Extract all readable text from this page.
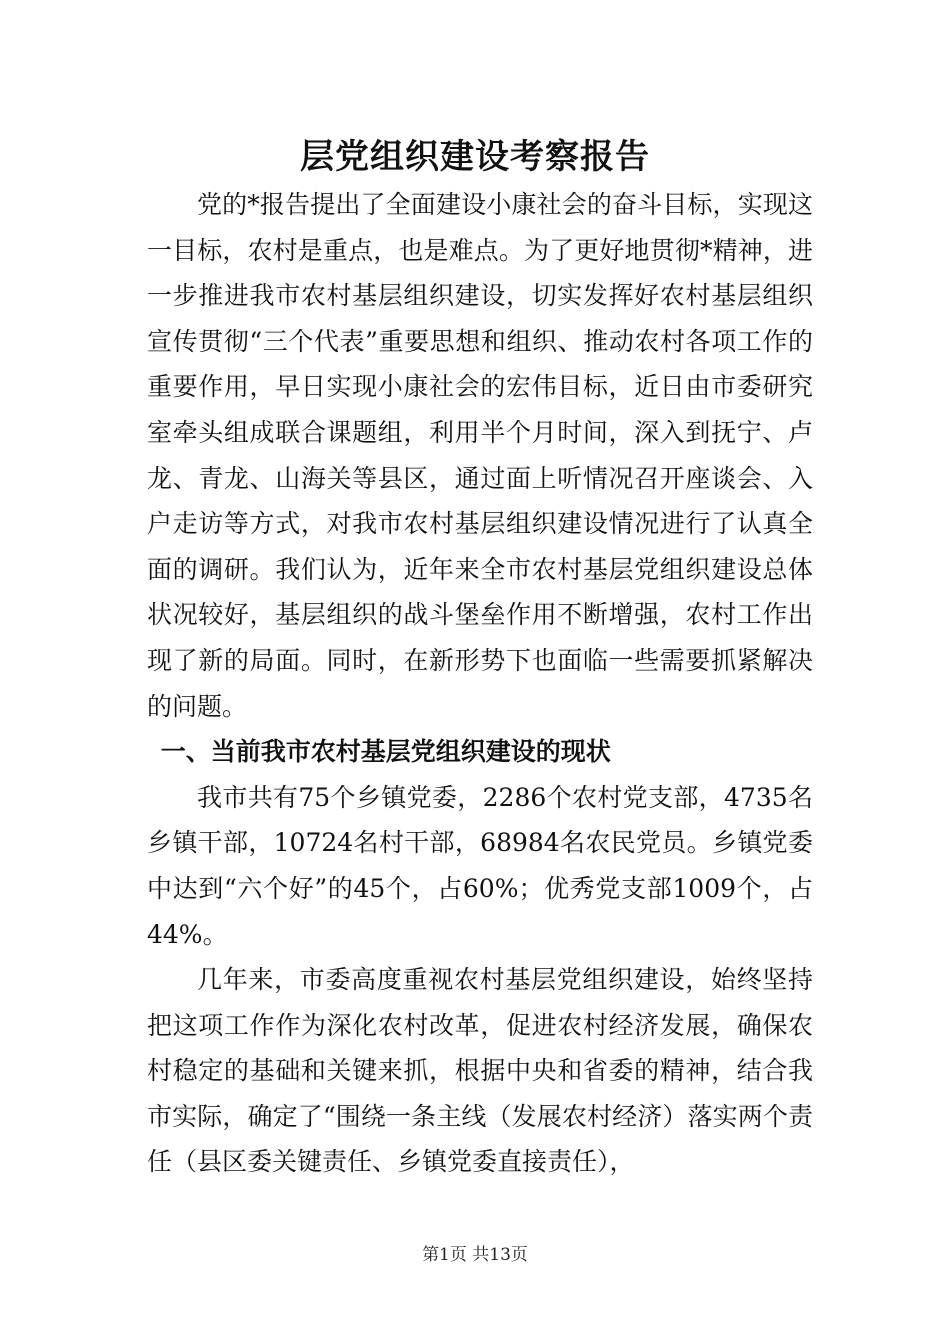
层党组织建设考察报告

党的*报告提出了全面建设小康社会的奋斗目标，实现这一目标，农村是重点，也是难点。为了更好地贯彻*精神，进一步推进我市农村基层组织建设，切实发挥好农村基层组织宣传贯彻“三个代表”重要思想和组织、推动农村各项工作的重要作用，早日实现小康社会的宏伟目标，近日由市委研究室牵头组成联合课题组，利用半个月时间，深入到抚宁、卢龙、青龙、山海关等县区，通过面上听情况召开座谈会、入户走访等方式，对我市农村基层组织建设情况进行了认真全面的调研。我们认为，近年来全市农村基层党组织建设总体状况较好，基层组织的战斗堡垒作用不断增强，农村工作出现了新的局面。同时，在新形势下也面临一些需要抓紧解决的问题。

一、当前我市农村基层党组织建设的现状

我市共有75个乡镇党委，2286个农村党支部，4735名乡镇干部，10724名村干部，68984名农民党员。乡镇党委中达到“六个好”的45个，占60%；优秀党支部1009个，占44%。

几年来，市委高度重视农村基层党组织建设，始终坚持把这项工作作为深化农村改革，促进农村经济发展，确保农村稳定的基础和关键来抓，根据中央和省委的精神，结合我市实际，确定了“围绕一条主线（发展农村经济）落实两个责任（县区委关键责任、乡镇党委直接责任），

第1页 共13页
